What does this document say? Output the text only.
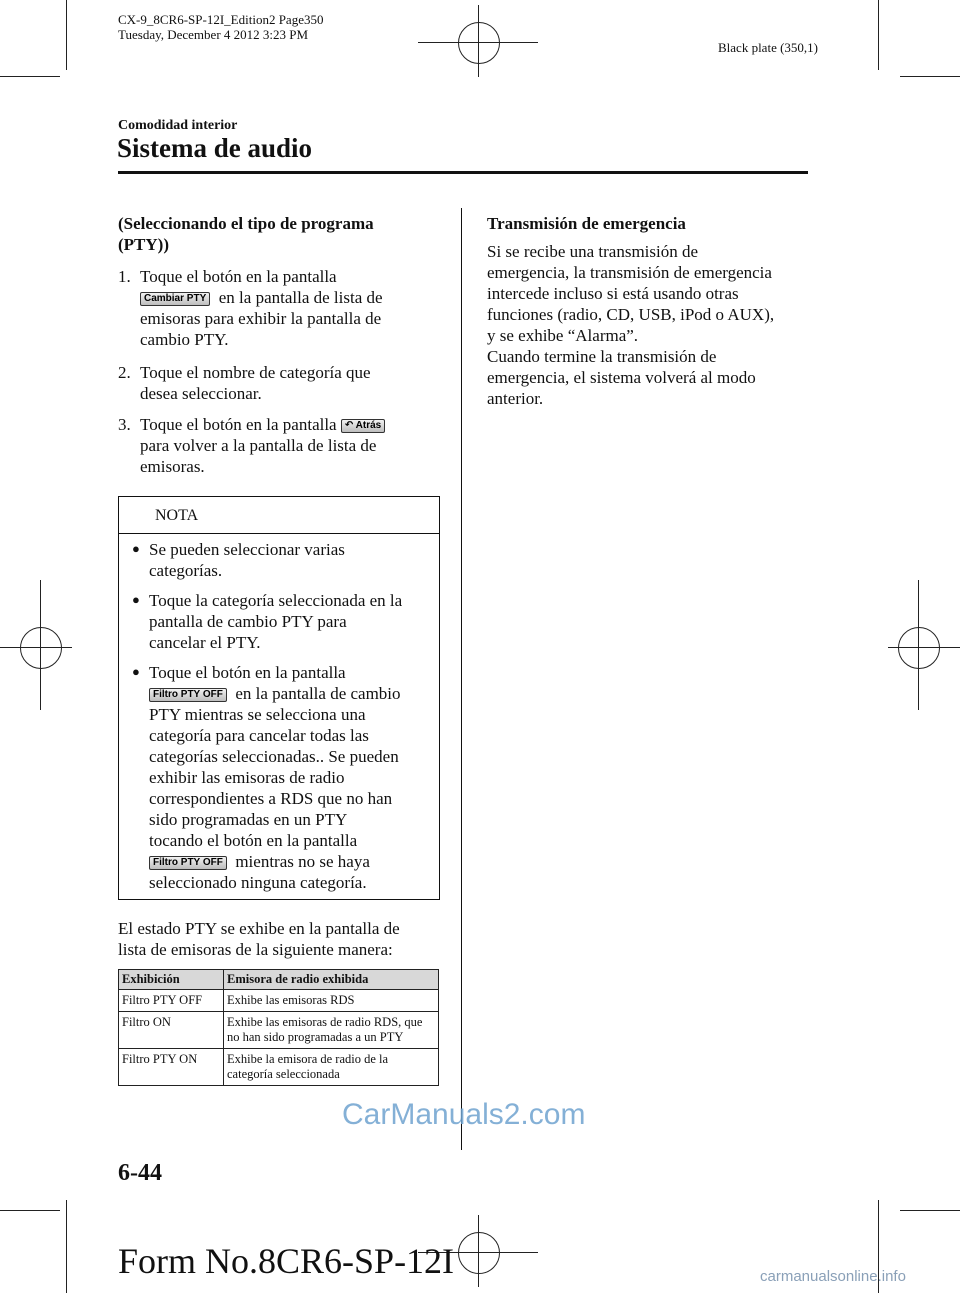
CX-9_8CR6-SP-12I_Edition2 Page350
Tuesday, December 4 2012 3:23 PM
Black plate (350,1)
Comodidad interior
Sistema de audio
(Seleccionando el tipo de programa
(PTY))
1. Toque el botón en la pantalla
Cambiar PTY en la pantalla de lista de
emisoras para exhibir la pantalla de
cambio PTY.
2. Toque el nombre de categoría que
desea seleccionar.
3. Toque el botón en la pantalla ↶ Atrás
para volver a la pantalla de lista de
emisoras.
NOTA
● Se pueden seleccionar varias
categorías.
● Toque la categoría seleccionada en la
pantalla de cambio PTY para
cancelar el PTY.
● Toque el botón en la pantalla
Filtro PTY OFF en la pantalla de cambio
PTY mientras se selecciona una
categoría para cancelar todas las
categorías seleccionadas.. Se pueden
exhibir las emisoras de radio
correspondientes a RDS que no han
sido programadas en un PTY
tocando el botón en la pantalla
Filtro PTY OFF mientras no se haya
seleccionado ninguna categoría.
El estado PTY se exhibe en la pantalla de
lista de emisoras de la siguiente manera:
Exhibición	Emisora de radio exhibida
Filtro PTY OFF	Exhibe las emisoras RDS
Filtro ON	Exhibe las emisoras de radio RDS, que no han sido programadas a un PTY
Filtro PTY ON	Exhibe la emisora de radio de la categoría seleccionada
Transmisión de emergencia
Si se recibe una transmisión de
emergencia, la transmisión de emergencia
intercede incluso si está usando otras
funciones (radio, CD, USB, iPod o AUX),
y se exhibe “Alarma”.
Cuando termine la transmisión de
emergencia, el sistema volverá al modo
anterior.
CarManuals2.com
6-44
Form No.8CR6-SP-12I	carmanualsonline.info
